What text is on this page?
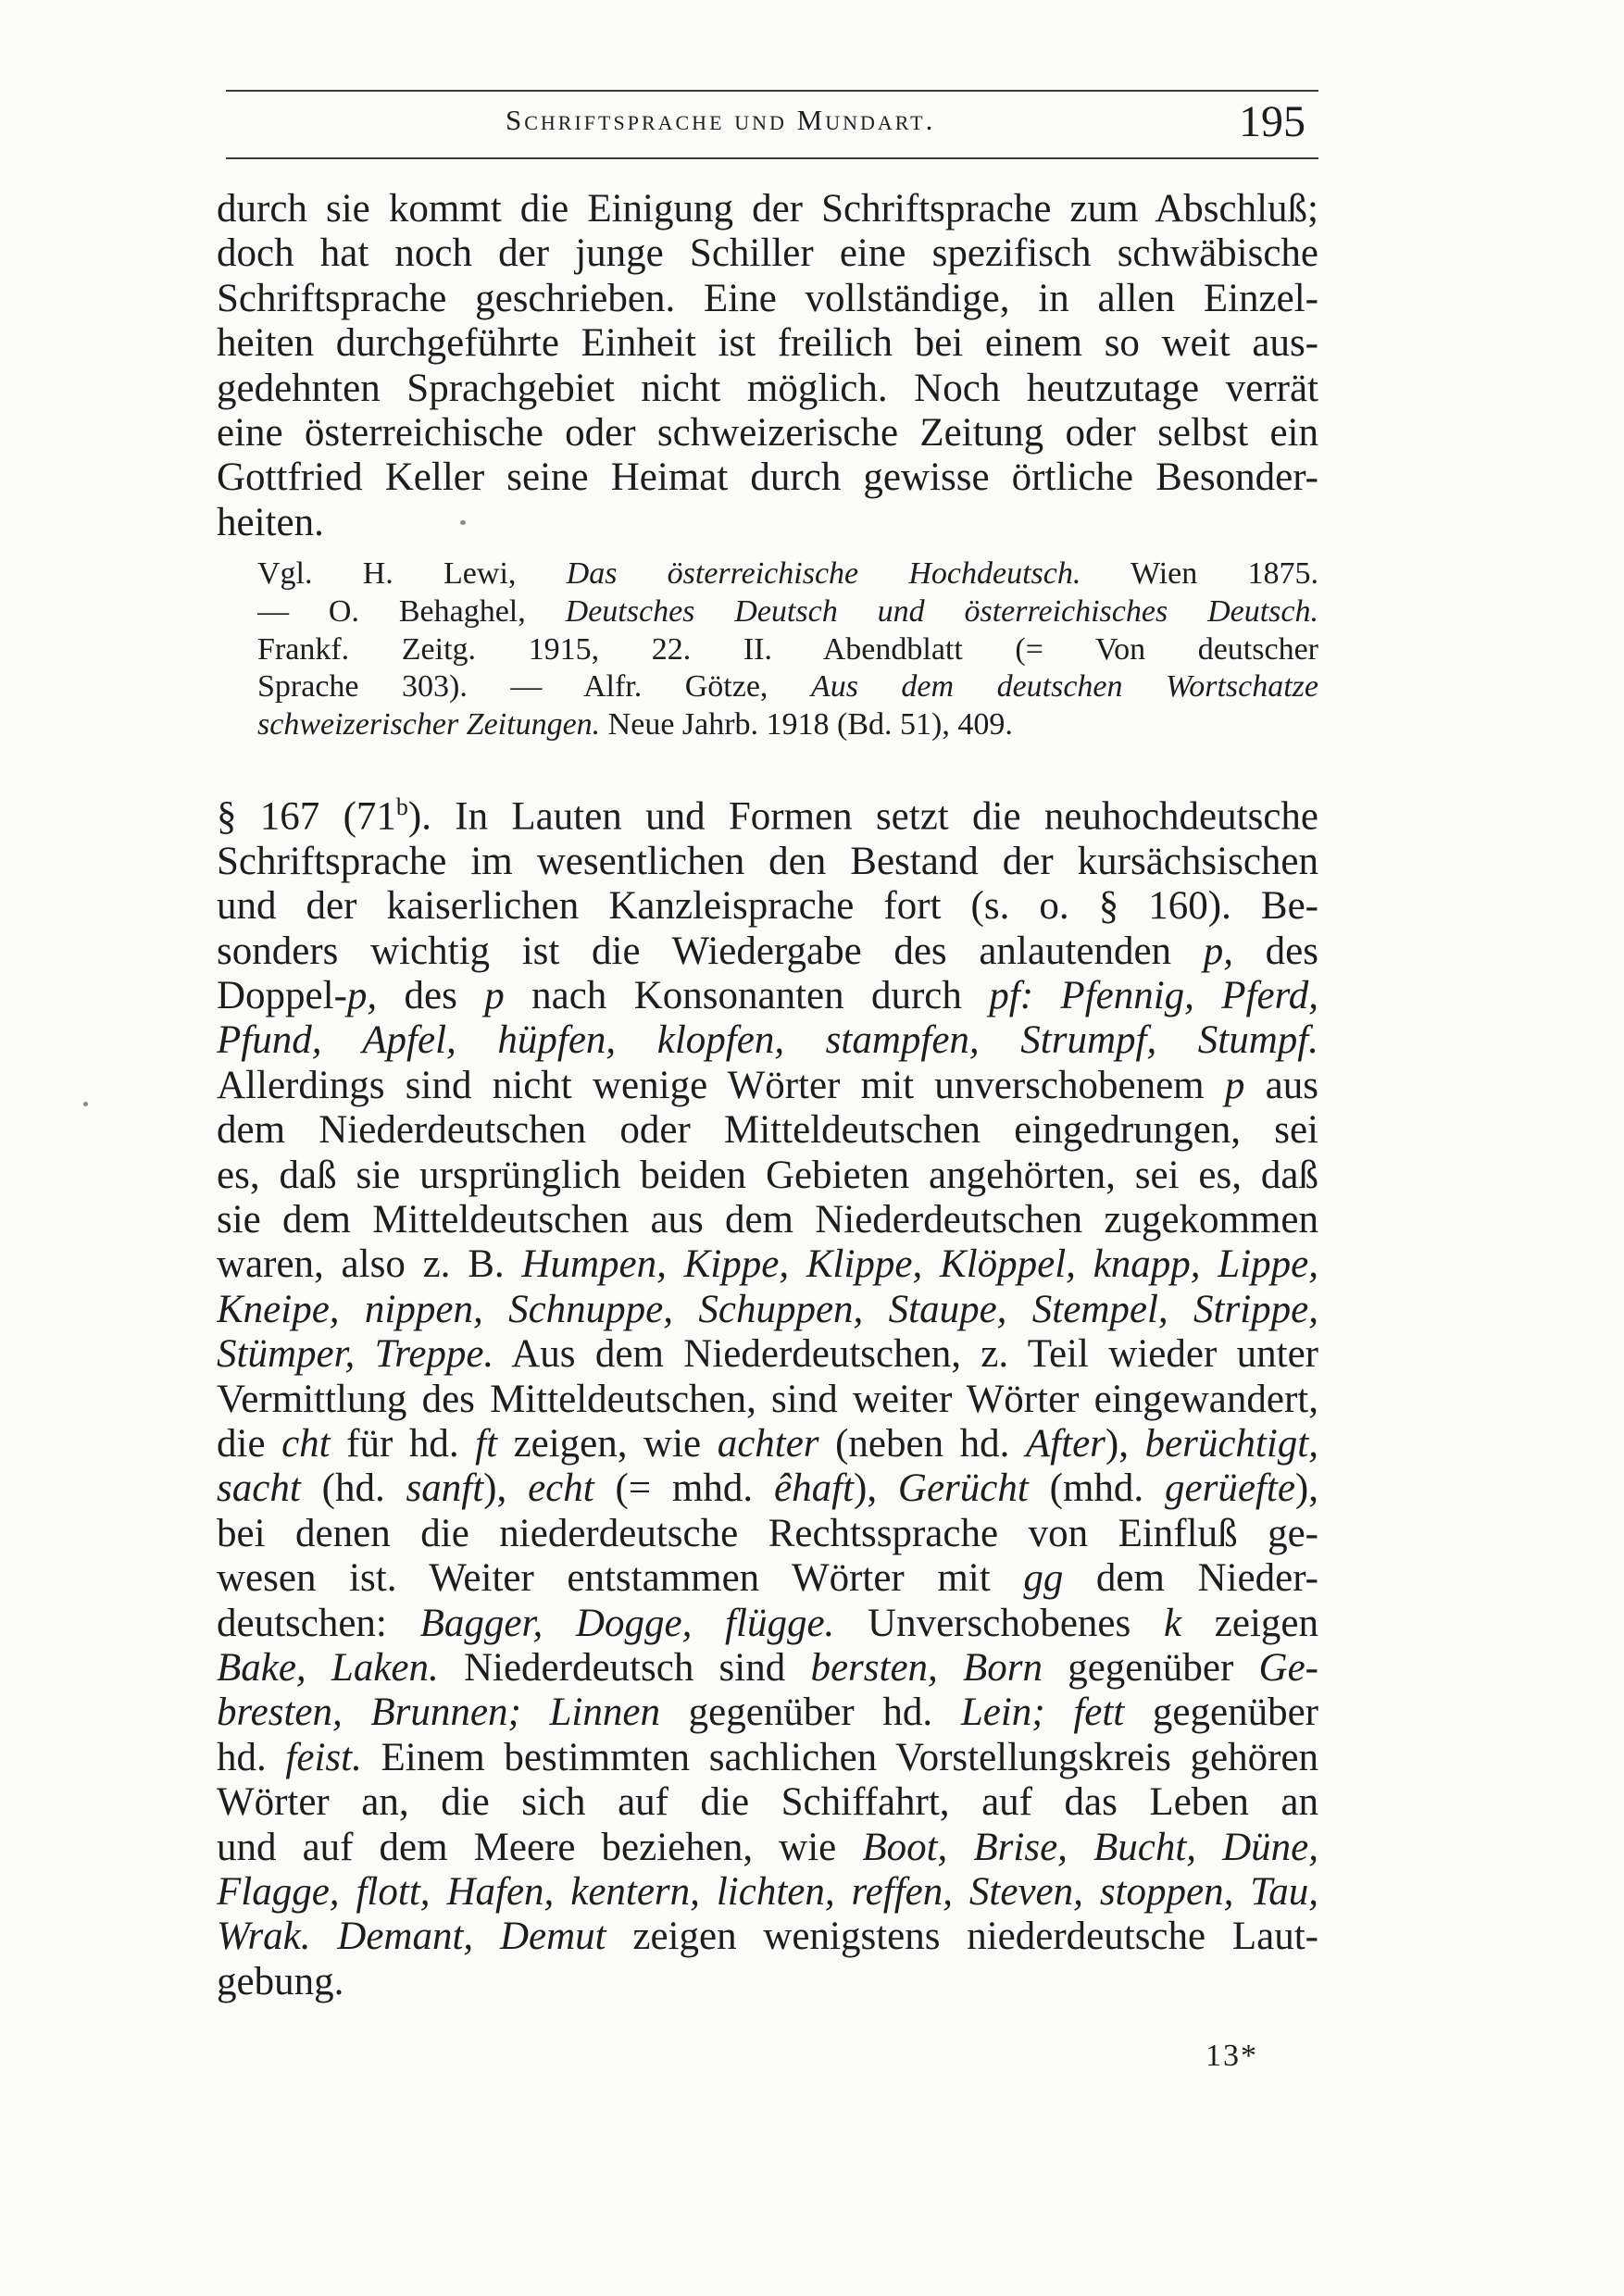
Schriftsprache und Mundart.	195
durch sie kommt die Einigung der Schriftsprache zum Abschluß;
doch hat noch der junge Schiller eine spezifisch schwäbische
Schriftsprache geschrieben. Eine vollständige, in allen Einzel-
heiten durchgeführte Einheit ist freilich bei einem so weit aus-
gedehnten Sprachgebiet nicht möglich. Noch heutzutage verrät
eine österreichische oder schweizerische Zeitung oder selbst ein
Gottfried Keller seine Heimat durch gewisse örtliche Besonder-
heiten.
Vgl. H. Lewi, Das österreichische Hochdeutsch. Wien 1875.
— O. Behaghel, Deutsches Deutsch und österreichisches Deutsch.
Frankf. Zeitg. 1915, 22. II. Abendblatt (= Von deutscher
Sprache 303). — Alfr. Götze, Aus dem deutschen Wortschatze
schweizerischer Zeitungen. Neue Jahrb. 1918 (Bd. 51), 409.
§ 167 (71$^b$). In Lauten und Formen setzt die neuhochdeutsche
Schriftsprache im wesentlichen den Bestand der kursächsischen
und der kaiserlichen Kanzleisprache fort (s. o. § 160). Be-
sonders wichtig ist die Wiedergabe des anlautenden p, des
Doppel-p, des p nach Konsonanten durch pf: Pfennig, Pferd,
Pfund, Apfel, hüpfen, klopfen, stampfen, Strumpf, Stumpf.
Allerdings sind nicht wenige Wörter mit unverschobenem p aus
dem Niederdeutschen oder Mitteldeutschen eingedrungen, sei
es, daß sie ursprünglich beiden Gebieten angehörten, sei es, daß
sie dem Mitteldeutschen aus dem Niederdeutschen zugekommen
waren, also z. B. Humpen, Kippe, Klippe, Klöppel, knapp, Lippe,
Kneipe, nippen, Schnuppe, Schuppen, Staupe, Stempel, Strippe,
Stümper, Treppe. Aus dem Niederdeutschen, z. Teil wieder unter
Vermittlung des Mitteldeutschen, sind weiter Wörter eingewandert,
die cht für hd. ft zeigen, wie achter (neben hd. After), berüchtigt,
sacht (hd. sanft), echt (= mhd. êhaft), Gerücht (mhd. gerüefte),
bei denen die niederdeutsche Rechtssprache von Einfluß ge-
wesen ist. Weiter entstammen Wörter mit gg dem Nieder-
deutschen: Bagger, Dogge, flügge. Unverschobenes k zeigen
Bake, Laken. Niederdeutsch sind bersten, Born gegenüber Ge-
bresten, Brunnen; Linnen gegenüber hd. Lein; fett gegenüber
hd. feist. Einem bestimmten sachlichen Vorstellungskreis gehören
Wörter an, die sich auf die Schiffahrt, auf das Leben an
und auf dem Meere beziehen, wie Boot, Brise, Bucht, Düne,
Flagge, flott, Hafen, kentern, lichten, reffen, Steven, stoppen, Tau,
Wrak. Demant, Demut zeigen wenigstens niederdeutsche Laut-
gebung.
13*
